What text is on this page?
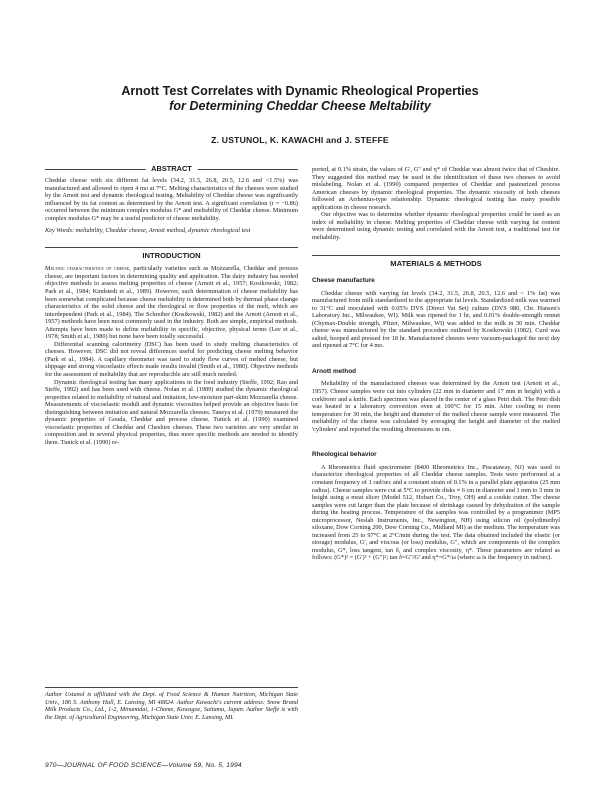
Arnott Test Correlates with Dynamic Rheological Properties
for Determining Cheddar Cheese Meltability
Z. USTUNOL, K. KAWACHI and J. STEFFE
ABSTRACT

Cheddar cheese with six different fat levels (34.2, 31.5, 26.8, 20.5, 12.6 and <1.5%) was manufactured and allowed to ripen 4 mo at 7°C. Melting characteristics of the cheeses were studied by the Arnott test and dynamic rheological testing. Meltability of Cheddar cheese was significantly influenced by its fat content as determined by the Arnott test. A significant correlation (r = −0.86) occurred between the minimum complex modulus G* and meltability of Cheddar cheese. Minimum complex modulus G* may be a useful predictor of cheese meltability.

Key Words: meltability, Cheddar cheese, Arnott method, dynamic rheological test

INTRODUCTION

Melting characteristics of cheese, particularly varieties such as Mozzarella, Cheddar and process cheese, are important factors in determining quality and application. The dairy industry has needed objective methods to assess melting properties of cheese (Arnott et al., 1957; Kosikowski, 1982; Park et al., 1984; Kindstedt et al., 1989). However, such determination of cheese meltability has been somewhat complicated because cheese meltability is determined both by thermal phase change characteristics of the solid cheese and the rheological or flow properties of the melt, which are interdependent (Park et al., 1984). The Schreiber (Kosikowski, 1982) and the Arnott (Arnott et al., 1957) methods have been most commonly used in the industry. Both are simple, empirical methods. Attempts have been made to define meltability in specific, objective, physical terms (Lee et al., 1978; Smith et al., 1980) but none have been totally successful.

Differential scanning calorimetry (DSC) has been used to study melting characteristics of cheeses. However, DSC did not reveal differences useful for predicting cheese melting behavior (Park et al., 1984). A capillary rheometer was used to study flow curves of melted cheese, but slippage and strong viscoelastic effects made results invalid (Smith et al., 1980). Objective methods for the assessment of meltability that are reproducible are still much needed.

Dynamic rheological testing has many applications in the food industry (Steffe, 1992; Rao and Steffe, 1992) and has been used with cheese. Nolan et al. (1989) studied the dynamic rheological properties related to meltability of natural and imitation, low-moisture part-skim Mozzarella cheese. Measurements of viscoelastic moduli and dynamic viscosities helped provide an objective basis for distinguishing between imitation and natural Mozzarella cheeses. Taneya et al. (1979) measured the dynamic properties of Gouda, Cheddar and process cheese. Tunick et al. (1990) examined viscoelastic properties of Cheddar and Cheshire cheeses. These two varieties are very similar in composition and in several physical properties, thus more specific methods are needed to identify them. Tunick et al. (1990) re-

ported, at 0.1% strain, the values of G', G" and η* of Cheddar was almost twice that of Cheshire. They suggested this method may be used in the identification of these two cheeses to avoid mislabeling. Nolan et al. (1990) compared properties of Cheddar and pasteurized process American cheeses by dynamic rheological properties. The dynamic viscosity of both cheeses followed an Arrhenius-type relationship. Dynamic rheological testing has many possible applications in cheese research.

Our objective was to determine whether dynamic rheological properties could be used as an index of meltability in cheese. Melting properties of Cheddar cheese with varying fat content were determined using dynamic testing and correlated with the Arnott test, a traditional test for meltability.

MATERIALS & METHODS
Cheese manufacture

Cheddar cheese with varying fat levels (34.2, 31.5, 26.8, 20.5, 12.6 and < 1% fat) was manufactured from milk standardized to the appropriate fat levels. Standardized milk was warmed to 31°C and inoculated with 0.05% DVS (Direct Vat Set) culture (DVS 980, Chr. Hansen's Laboratory Inc., Milwaukee, WI). Milk was ripened for 1 hr, and 0.01% double-strength rennet (Chymax-Double strength, Pfizer, Milwaukee, WI) was added to the milk in 30 min. Cheddar cheese was manufactured by the standard procedure outlined by Kosikowski (1982). Curd was salted, hooped and pressed for 18 hr. Manufactured cheeses were vacuum-packaged the next day and ripened at 7°C for 4 mo.

Arnott method

Meltability of the manufactured cheeses was determined by the Arnott test (Arnott et al., 1957). Cheese samples were cut into cylinders (22 mm in diameter and 17 mm in height) with a corkborer and a knife. Each specimen was placed in the center of a glass Petri dish. The Petri dish was heated in a laboratory convection oven at 100°C for 15 min. After cooling to room temperature for 30 min, the height and diameter of the melted cheese sample were measured. The meltability of the cheese was calculated by averaging the height and diameter of the melted 'cylinders' and reported the resulting dimensions in cm.

Rheological behavior

A Rheometrics fluid spectrometer (8400 Rheometrics Inc., Piscataway, NJ) was used to characterize rheological properties of all Cheddar cheese samples. Tests were performed at a constant frequency of 1 rad/sec and a constant strain of 0.1% in a parallel plate apparatus (25 mm radius). Cheese samples were cut at 5°C to provide disks ≈ 6 cm in diameter and 1 mm to 3 mm in height using a meat slicer (Model 512, Hobart Co., Troy, OH) and a cookie cutter. The cheese samples were cut larger than the plate because of shrinkage caused by dehydration of the sample during the heating process. Temperature of the samples was controlled by a programmer (MP5 microprocessor, Neslab Instruments, Inc., Newington, NH) using silicon oil (polydimethyl siloxane, Dow Corning 200, Dow Corning Co., Midland MI) as the medium. The temperature was increased from 25 to 97°C at 2°C/min during the test. The data obtained included the elastic (or storage) modulus, G', and viscous (or loss) modulus, G", which are components of the complex modulus, G*, loss tangent, tan δ, and complex viscosity, η*. These parameters are related as follows: (G*)² = (G')² + (G")²; tan δ=G"/G' and η*=G*/ω (where ω is the frequency in rad/sec).

Author Ustunol is affiliated with the Dept. of Food Science & Human Nutrition, Michigan State Univ., 186 S. Anthony Hall, E. Lansing, MI 48824. Author Kawachi's current address: Snow Brand Milk Products Co., Ltd., 1-2, Minamidai, 1-Chome, Kawagoe, Saitama, Japan. Author Steffe is with the Dept. of Agricultural Engineering, Michigan State Univ. E. Lansing, MI.
970—JOURNAL OF FOOD SCIENCE—Volume 59, No. 5, 1994
